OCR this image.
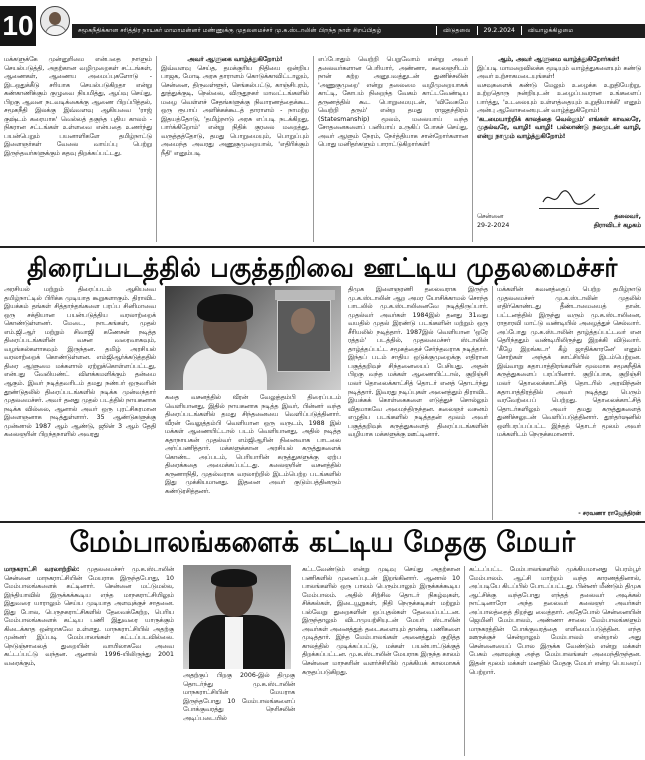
10	சமூகநீதிக்கான சரித்திர நாயகர் மாமாமன்னர் மண்ணுக்கு முதலமைச்சர் மு.க.ஸ்டாலின் பிறந்த நாள் சிறப்பிதழ்	விடுதலை 29.2.2024 வியாழக்கிழமை

மக்களுக்கே முன்னுரிமை என்பதை நாளும் செயல்படுத்தி, அதற்கான வழிமுறைகள் சட்டங்கள், ஆணைகள், ஆணைய அமைப்புகளோடு - இடஒதுக்கீடு சரியாக செயல்படுகிறதா என்று கண்காணிக்கும் குழுவை நியமித்து, ஆய்வு செய்து, பிறகு ஆவன நடவடிக்கைக்கு ஆணை பிறப்பித்தல், சமூகநீதி இலக்கு இவ்வளவு ஆகியவை 'ராஜ் குஷ்டம் கரையாக' வெல்லத் தகுந்த புதிய காலம் - நிகரான சட்டங்கள் உள்ளவை என்பதை உணர்ந்து பயன்பெறும் பயனாளிகளே தமிழ்நாட்டு இளைஞர்கள் வேலை வாய்ப்பு பெற்று இருந்தவர்களுக்கும் கதவு திறக்கப்பட்டது.

அவர் ஆளுகை வாழ்த்துகிறோம்!

இவ்வளவு செய்த, தமக்குரிய நிதியை ஒன்றிய பாஜக, மோடி அரசு தாராளம் கொடுக்காவிட்டாலும், சென்னை, திருவள்ளூர், செங்கல்பட்டு, காஞ்சிபுரம், தூத்துக்குடி, நெல்லை, விருதுநகர் மாவட்டங்களில் மழை வெள்ளச் சேதங்களுக்கு நிவாரணத்தைக்கூட ஒரு ரூபாய் அளிக்கக்கூடத் தாராளம் - நாமற்ற இதயத்தோடு, 'தமிழ்நாடு அரசு எப்படி நடக்கிறது, பார்க்கிறோம்' என்று நிதிக் குரலை மறைத்து, வருத்தத்தோடு, தமது பொறுமையும், பொறுப்பும் அமைந்த அவரது அணுகுமுறையால், 'எதிரிக்கும் நீதி' எனும்படி

எப்போதும் வெற்றி பெறுவோம் என்று அவர் தலைவர்களான பெரியார், அண்ணா, கலைஞரிடம் நான் கற்ற அனுபவத்துடன் துணிச்சலின் 'அணுகுமுறை' என்று தலைமை வழிமுறையாகக் காட்டி, கோபம் நிறைந்த வேகம் காட்டவேண்டிய தருணத்தில் கூட பொறுமையுடன், 'விவேகமே வெற்றி தரும்' என்ற தமது ராஜதந்திரம் (Statesmanship) மூலம், மலையாய் வந்த சோதனைகளைப் பனியாய் உருகிப் போகச் செய்து, அவர் ஆளும் நேரம், நேர்த்தியாக சான்றோர்களான பொது மனிதர்களும் பாராட்டுகிறார்கள்!

ஆம், அவர் ஆளுமை வாழ்த்துகிறோர்கள்!

இப்படி மாமறைவிலக்க மூடியும் வாழ்த்துகளையும் கண்டு அவர் உற்சாகமடையுங்கள்!

வசவுகளைக் கண்டு மேலும் உழைக்க உறுதியேற்று, உற்றதொரு நன்றியுடன் உழைப்பவரான உங்களைப் பார்த்து, 'உடலையும் உள்ளத்தையும் உறுதியாக்கி' எனும் அன்பு ஆலோசனையுடன் வாழ்த்துகிறோம்!

'கடமையாற்றிக் காலத்தை வெல்லும்' எங்கள் காவலரே, முதல்வரே, வாழி! வாழி! பல்லாண்டு நலமுடன் வாழி, என்று நாமும் வாழ்த்துகிறோம்!

சென்னை

29-2-2024

தலைவர்,

திராவிடர் கழகம்

திரைப்படத்தில் பகுத்தறிவை ஊட்டிய முதலமைச்சர்

அரசியல் மற்றும் திரைப்படம் ஆகியவை தமிழ்நாட்டில் பிரிக்க முடியாத கூறுகளாகும். திராவிட இயக்கம் தங்கள் சித்தாந்தங்களை பரப்ப சினிமாவை ஒரு சக்தியான பயன்படுத்திய வரலாற்றைக் கொண்டுள்ளனர். மேடை, நாடகங்கள், முதல் எம்.ஜி.ஆர் மற்றும் சிவாஜி கணேசன் நடித்த திரைப்படங்களின் வசன வரைவாகவும், வழங்கல்களாகவும் இருந்தன. தமிழ் அரசியல் வரலாற்றைக் கொண்டுள்ளன. எம்ஜிஆர்க்கடுத்ததில் திரை ஆளுமை மக்களால் ஏற்றுக்கொள்ளப்பட்டது, என்பது வேலியண்ட் விளக்கமளிக்கும் தன்மை ஆகும். இவர் நடித்தவரிடம் தமது நண்பர் ஒருவரின் தூண்டுதலில் திரைப்படங்களில் நடிக்க முன்வந்தார் முதலமைச்சர். அவர் தனது முதல் படத்தில் நாயகனாக நடிக்க வில்லை, ஆனால் அவர் ஒரு புரட்சிகரமான இளைஞனாக நடித்துள்ளார். 35 ஆண்டுகளுக்கு முன்னால் 1987 ஆம் ஆண்டு, ஜூன் 3 ஆம் தேதி கலைஞரின் பிறந்தநாளில் அவரது

கதை வசனத்தில் வீரன் வேலுத்தம்பி திரைப்படம் வெளியானது, இதில் நாயகனாக நடித்த இவர், பின்னர் வந்த திரைப்படங்களில் தமது சிந்தனையை வெளிப்படுத்தினார். வீரன் வேலுத்தம்பி வெளியான ஒரு வருடம், 1988 இல் மக்கள் ஆணையிட்டால் படம் வெளியானது, அதில் நடித்த கதாநாயகன் முதல்வர் எம்ஜிஆரின் நினைவாக பாடலை அர்ப்பணித்தார். மக்களுக்கான அரசியல் கருத்துகளைக் கொண்ட அப்படம், பெரியாரின் கருத்துகளுக்கு ஏற்ப திரைக்கதை அமைக்கப்பட்டது. கலைஞரின் வசனத்தில் கருணாநிதி, முதல்வராக வரலாற்றில் இடம்பெற்ற படங்களில் இது முக்கியமானது. இதனை அவர் குடும்பத்தினரும் கண்டுரசித்தனர்.

திமுக இளைஞரணி தலைவராக இருந்த மு.க.ஸ்டாலின் ஆற அமர யோசிக்காமல் சொந்த பாடலில் மு.க.ஸ்டாலினைவே நடித்திருப்பார். முதல்வர் அவர்கள் 1984இல் தனது 31வது வயதில் முதல் இரண்டு படங்களின் மற்றும் ஒரு சீரியலில் நடித்தார். 1987இல் வெளியான 'ஒரே ரத்தம்' படத்தில், முதலமைச்சர் ஸ்டாலின் தாழ்த்தப்பட்ட சமூகத்தைச் சேர்ந்தவராக நடித்தார். இந்தப் படம் சாதிய ஒடுக்குமுறைக்கு எதிரான பகுத்தறிவுச் சிந்தனையைப் பேசியது. அதன் பிறகு வந்த மக்கள் ஆணையிட்டால், குறிஞ்சி மலர் தொலைக்காட்சித் தொடர் எனத் தொடர்ந்து நடித்தார். இவரது நடிப்புகள் அனைத்தும் திராவிட இயக்கக் கொள்கைகளை எடுத்துச் சொல்லும் விதமாகவே அமைந்திருந்தன. கலைஞர் வசனம் எழுதிய படங்களில் நடித்ததன் மூலம் அவர் பகுத்தறிவுக் கருத்துகளைத் திரைப்படங்களின் வழியாக மக்களுக்கு ஊட்டினார்.

மக்களின் கவனத்தைப் பெற்ற தமிழ்நாடு முதலமைச்சர் மு.க.ஸ்டாலின் முதலில் எதிர்கொண்டது தீண்டாமையைத் தான். பட்டனத்தில் இருந்து வரும் மு.க.ஸ்டாலினை, ராதாரவி மாட்டு வண்டியில் அழைத்துச் செல்வார். அப்போது மு.க.ஸ்டாலின் தாழ்த்தப்பட்டவர் என தெரிந்ததும் வண்டியிலிருந்து இறக்கி விடுவார். 'கீழே இறங்கடா' கீழ் ஜாதிக்காரனே' எனும் சொற்கள் அந்தக் காட்சியில் இடம்பெற்றன. இவ்வாறு கதாபாத்திரங்களின் மூலமாக சமூகநீதிக் கருத்துகளைப் பரப்பினார். குறிப்பாக, குறிஞ்சி மலர் தொலைக்காட்சித் தொடரில் அரவிந்தன் கதாபாத்திரத்தில் அவர் நடித்தது பெரும் வரவேற்பைப் பெற்றது. தொலைக்காட்சித் தொடர்களிலும் அவர் தமது கருத்துகளைத் துணிச்சலுடன் வெளிப்படுத்தினார். தூர்தர்ஷனில் ஒளிபரப்பப்பட்ட இந்தத் தொடர் மூலம் அவர் மக்களிடம் நெருக்கமானார்.

- சரவணா ராஜேந்திரன்
மேம்பாலங்களைக் கட்டிய மேதகு மேயர்

மாநகராட்சி வரலாற்றில்: முதலமைச்சர் மு.க.ஸ்டாலின் சென்னை மாநகராட்சியின் மேயராக இருந்தபோது, 10 மேம்பாலங்களைக் கட்டினார். சென்னை மட்டுமல்ல, இந்தியாவில் இருக்கக்கூடிய எந்த மாநகராட்சியிலும் இதுவரை யாராலும் செய்ய முடியாத அளவுக்குச் சாதனை. இது போல, பெருநகராட்சிகளில் தேவைக்கேற்ற, பெரிய மேம்பாலங்களைக் கட்டிய பணி இதுவரை யாருக்கும் கிடைக்காத ஒன்றாகவே உள்ளது. மாநகராட்சியில் அதற்கு முன்னர் இப்படி மேம்பாலங்கள் கட்டப்படவில்லை. நெடுஞ்சாலைத் துறையின் வாயிலாகவே அவை கட்டப்பட்டு வந்தன. ஆனால் 1996-யிலிருந்து 2001 வரைக்கும்,

அதற்குப் பிறகு 2006-இல் திமுகு தொடர்ந்து மு.க.ஸ்டாலின் மாநகராட்சியின் மேயராக இருந்தபோது 10 மேம்பாலங்களைப் போக்குவரத்து நெரிசலின் அடிப்படையில்

கட்டவேண்டும் என்று முடிவு செய்து அதற்கான பணிகளில் முனைப்புடன் இறங்கினார். ஆனால் 10 பாலங்களில் ஒரு பாலம் பெரும்பாலும் இருக்கக்கூடிய மேம்பாலம். அதில் சிற்சில தொடர் நிகழ்வுகள், சிக்கல்கள், இடையூறுகள், நிதி நெருக்கடிகள் மற்றும் பல்வேறு துறைகளின் ஒப்புதல்கள் தேவைப்பட்டன. இருந்தாலும் விடாமுயற்சியுடன் மேயர் ஸ்டாலின் அவர்கள் அனைத்துத் தடைகளையும் தாண்டி பணிகளை முடித்தார். இந்த மேம்பாலங்கள் அனைத்தும் குறித்த காலத்தில் முடிக்கப்பட்டு, மக்கள் பயன்பாட்டுக்குத் திறக்கப்பட்டன. மு.க.ஸ்டாலின் மேயராக இருந்த காலம் சென்னை மாநகரின் வளர்ச்சியில் முக்கியக் காலமாகக் கருதப்படுகிறது.

கட்டப்பட்ட மேம்பாலங்களில் முக்கியமானது பெரம்பூர் மேம்பாலம். ஆட்சி மாற்றம் வந்த காரணத்தினால், அப்படியே கிடப்பில் போடப்பட்டது. பின்னர் மீண்டும் திமுக ஆட்சிக்கு வந்தபோது எந்தத் தலைவர் அடிக்கல் நாட்டினாரோ அந்த தலைவர் கலைஞர் அவர்கள் அப்பாலத்தைத் திறந்து வைத்தார். அதேபோல் சென்னையின் ஜெமினி மேம்பாலம், அண்ணா சாலை மேம்பாலங்களும் மாநகரத்தின் போக்குவரத்தை எளிமைப்படுத்தின. எந்த ஊருக்குச் சென்றாலும் மேம்பாலம் என்றால் அது சென்னையைப் போல இருக்க வேண்டும் என்று மக்கள் பேசும் அளவுக்கு அந்த மேம்பாலங்கள் அமைந்திருந்தன. இதன் மூலம் மக்கள் மனதில் மேதகு மேயர் என்ற பெயரைப் பெற்றார்.
